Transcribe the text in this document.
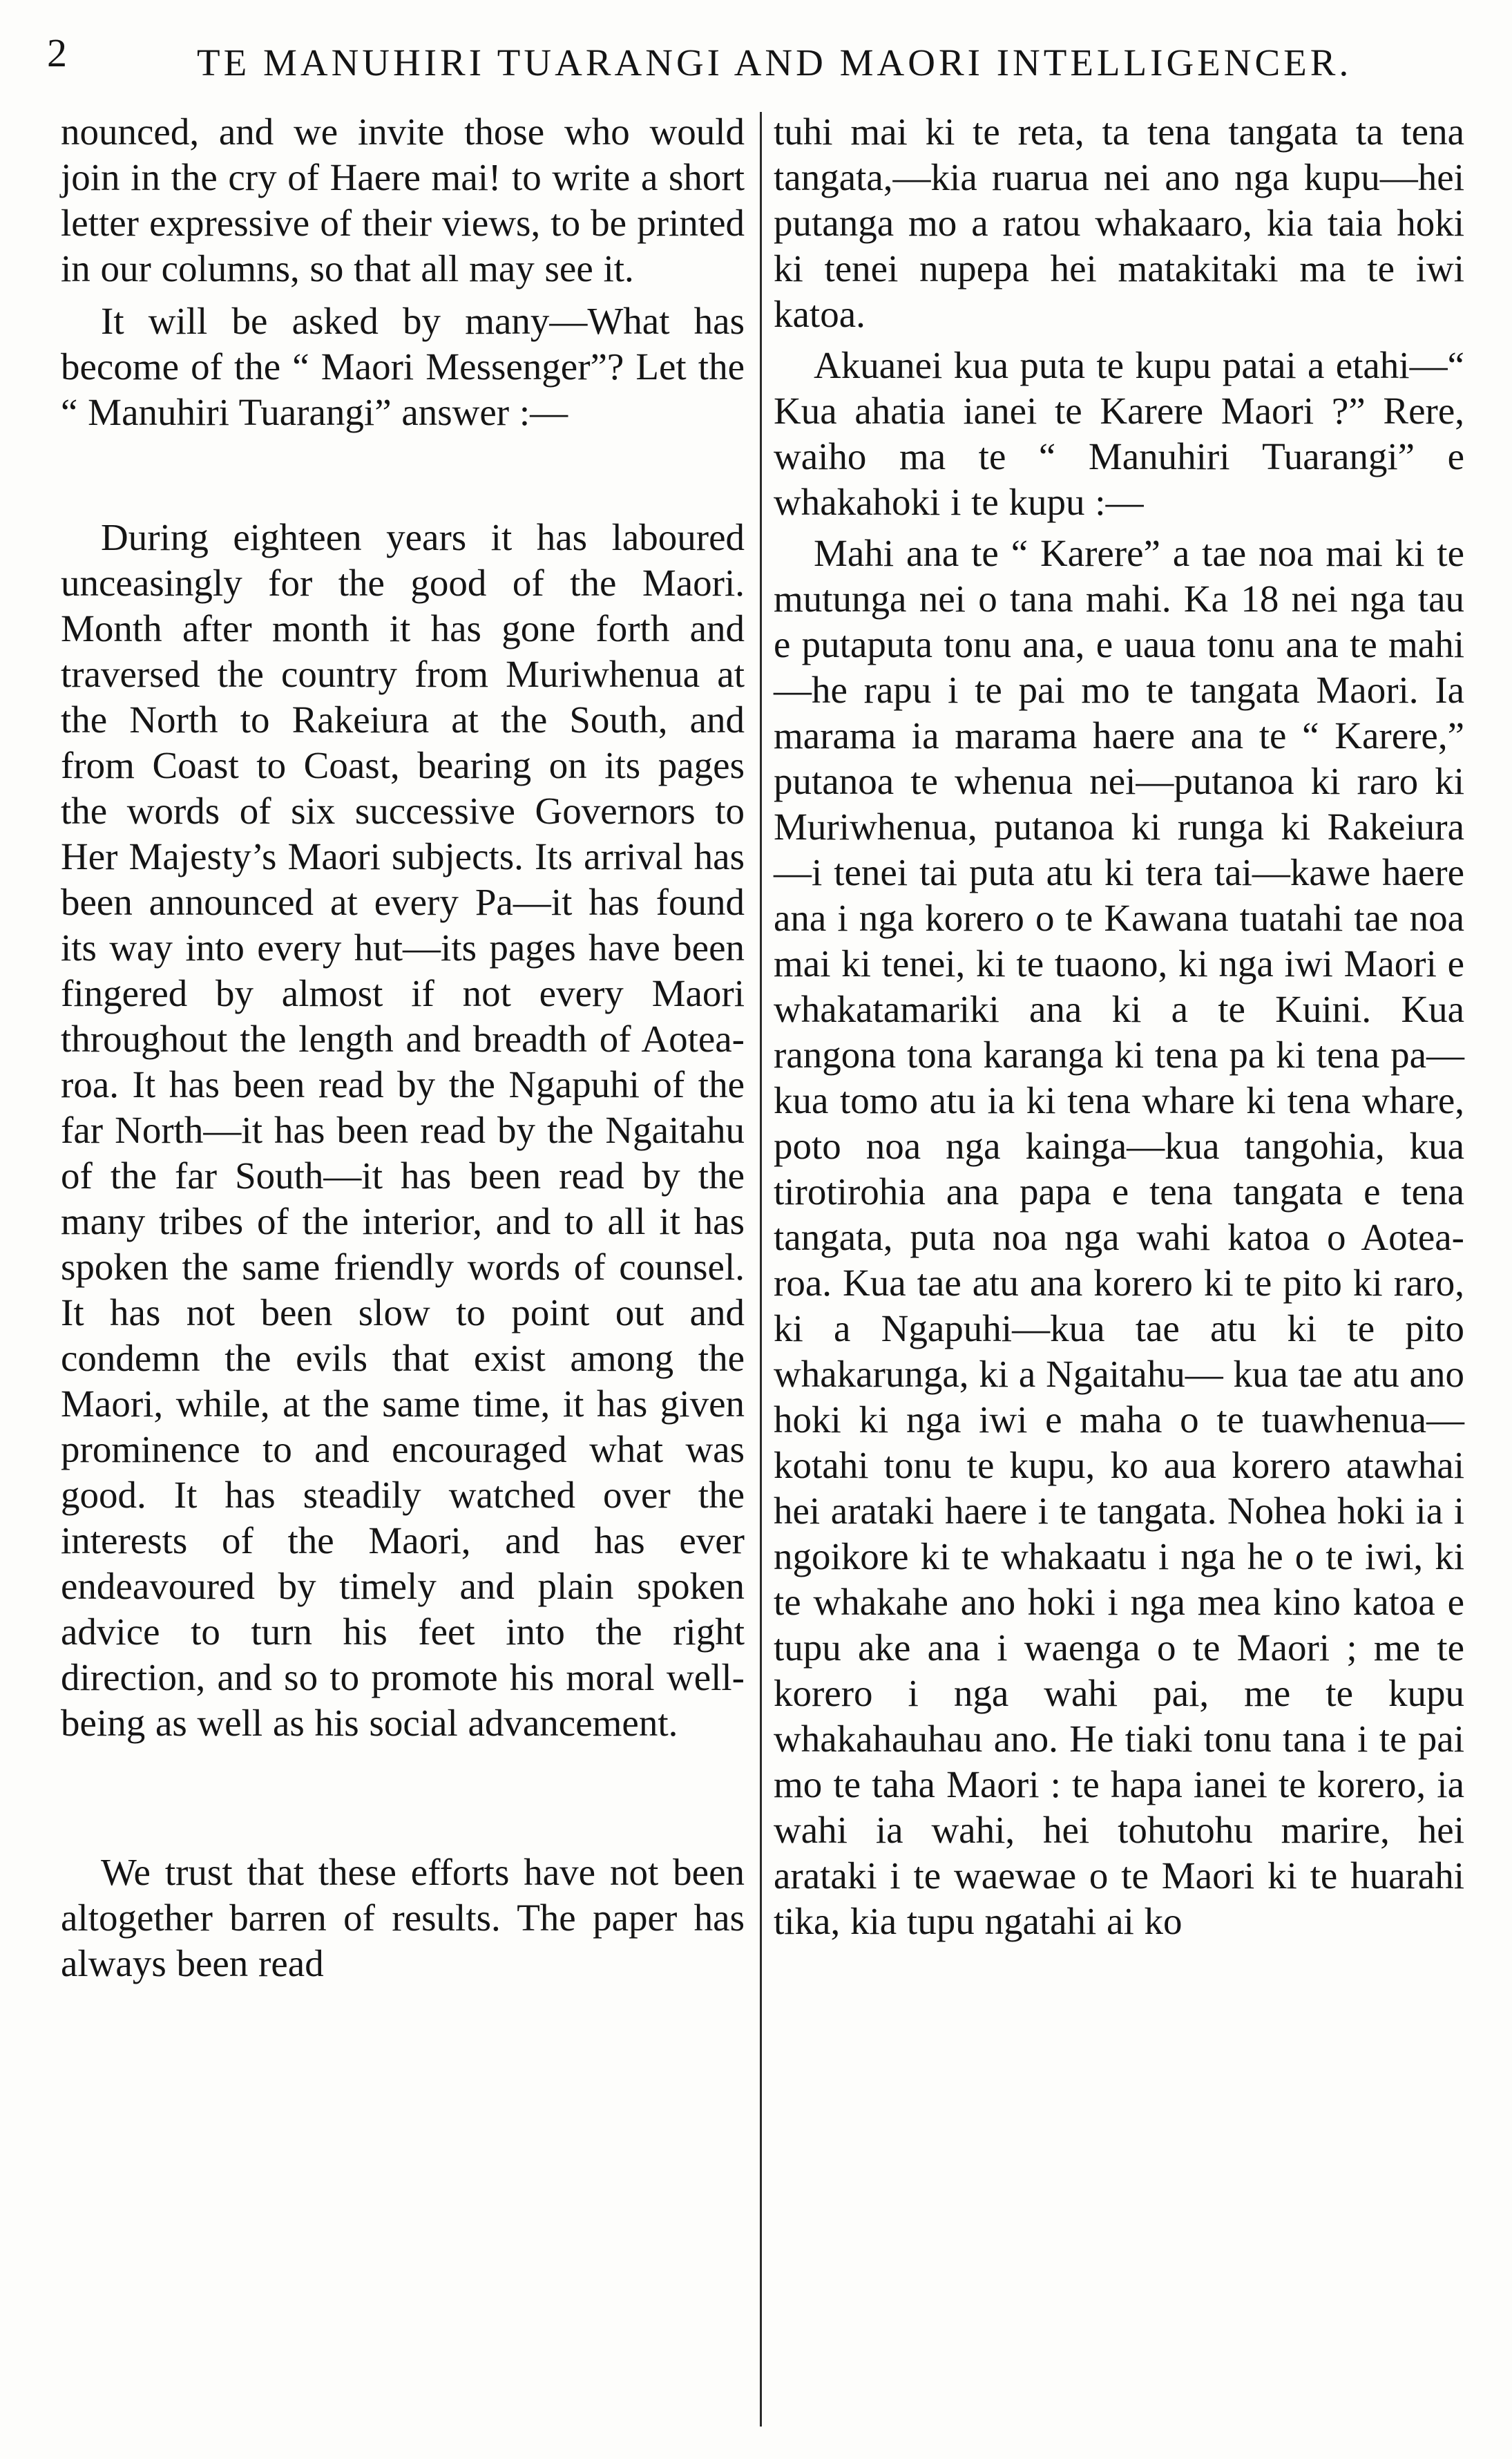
2	TE MANUHIRI TUARANGI AND MAORI INTELLIGENCER.

nounced, and we invite those who would join in the cry of Haere mai! to write a short letter expressive of their views, to be printed in our columns, so that all may see it.

It will be asked by many—What has become of the “ Maori Messenger”? Let the “ Manuhiri Tuarangi” answer :—

During eighteen years it has laboured unceasingly for the good of the Maori. Month after month it has gone forth and traversed the country from Muriwhenua at the North to Rakeiura at the South, and from Coast to Coast, bearing on its pages the words of six successive Governors to Her Majesty’s Maori subjects. Its arrival has been announced at every Pa—it has found its way into every hut—its pages have been fingered by almost if not every Maori throughout the length and breadth of Aotea-roa. It has been read by the Ngapuhi of the far North—it has been read by the Ngaitahu of the far South—it has been read by the many tribes of the interior, and to all it has spoken the same friendly words of counsel. It has not been slow to point out and condemn the evils that exist among the Maori, while, at the same time, it has given prominence to and encouraged what was good. It has steadily watched over the interests of the Maori, and has ever endeavoured by timely and plain spoken advice to turn his feet into the right direction, and so to promote his moral well-being as well as his social advancement.

We trust that these efforts have not been altogether barren of results. The paper has always been read

tuhi mai ki te reta, ta tena tangata ta tena tangata,—kia ruarua nei ano nga kupu—hei putanga mo a ratou whakaaro, kia taia hoki ki tenei nupepa hei matakitaki ma te iwi katoa.

Akuanei kua puta te kupu patai a etahi—“ Kua ahatia ianei te Karere Maori ?” Rere, waiho ma te “ Manuhiri Tuarangi” e whakahoki i te kupu :—

Mahi ana te “ Karere” a tae noa mai ki te mutunga nei o tana mahi. Ka 18 nei nga tau e putaputa tonu ana, e uaua tonu ana te mahi—he rapu i te pai mo te tangata Maori. Ia marama ia marama haere ana te “ Karere,” putanoa te whenua nei—putanoa ki raro ki Muriwhenua, putanoa ki runga ki Rakeiura—i tenei tai puta atu ki tera tai—kawe haere ana i nga korero o te Kawana tuatahi tae noa mai ki tenei, ki te tuaono, ki nga iwi Maori e whakatamariki ana ki a te Kuini. Kua rangona tona karanga ki tena pa ki tena pa—kua tomo atu ia ki tena whare ki tena whare, poto noa nga kainga—kua tangohia, kua tirotirohia ana papa e tena tangata e tena tangata, puta noa nga wahi katoa o Aotea-roa. Kua tae atu ana korero ki te pito ki raro, ki a Ngapuhi—kua tae atu ki te pito whakarunga, ki a Ngaitahu— kua tae atu ano hoki ki nga iwi e maha o te tuawhenua—kotahi tonu te kupu, ko aua korero atawhai hei arataki haere i te tangata. Nohea hoki ia i ngoikore ki te whakaatu i nga he o te iwi, ki te whakahe ano hoki i nga mea kino katoa e tupu ake ana i waenga o te Maori ; me te korero i nga wahi pai, me te kupu whakahauhau ano. He tiaki tonu tana i te pai mo te taha Maori : te hapa ianei te korero, ia wahi ia wahi, hei tohutohu marire, hei arataki i te waewae o te Maori ki te huarahi tika, kia tupu ngatahi ai ko
